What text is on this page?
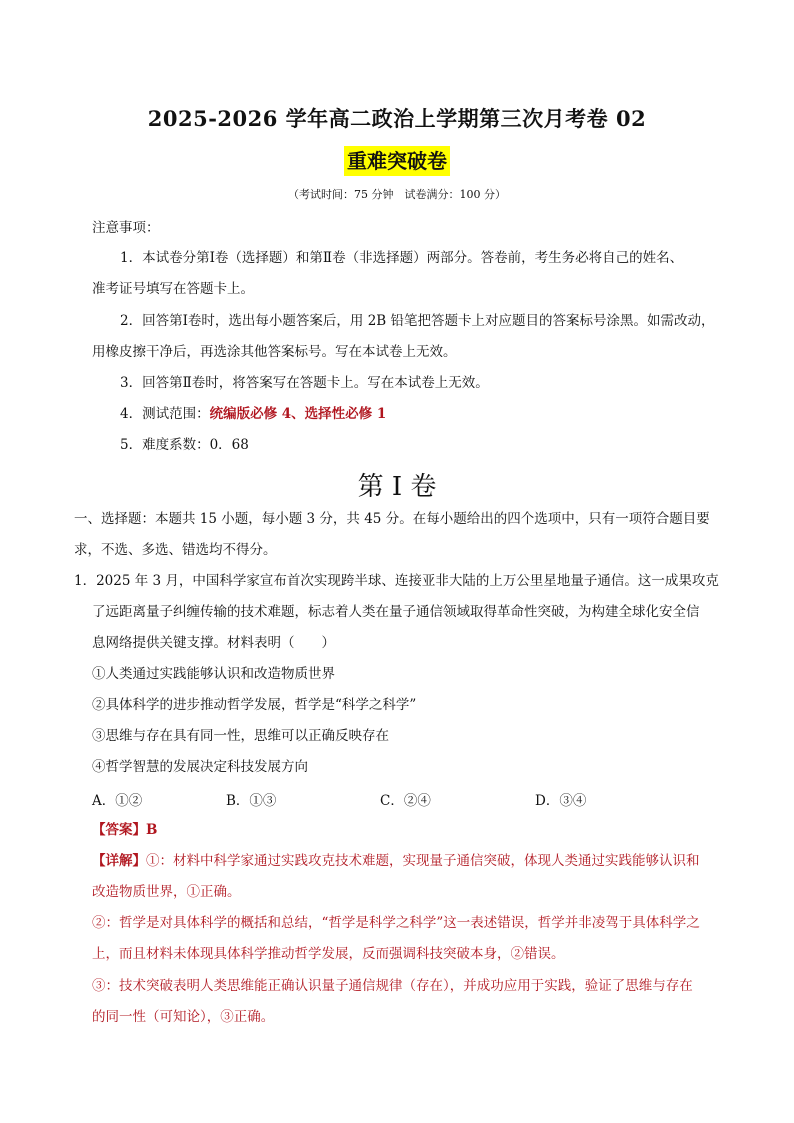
2025-2026 学年高二政治上学期第三次月考卷 02
重难突破卷
（考试时间：75 分钟　试卷满分：100 分）
注意事项：
1．本试卷分第Ⅰ卷（选择题）和第Ⅱ卷（非选择题）两部分。答卷前，考生务必将自己的姓名、
准考证号填写在答题卡上。
2．回答第Ⅰ卷时，选出每小题答案后，用 2B 铅笔把答题卡上对应题目的答案标号涂黑。如需改动，
用橡皮擦干净后，再选涂其他答案标号。写在本试卷上无效。
3．回答第Ⅱ卷时，将答案写在答题卡上。写在本试卷上无效。
4．测试范围：统编版必修 4、选择性必修 1
5．难度系数：0．68
第 I 卷
一、选择题：本题共 15 小题，每小题 3 分，共 45 分。在每小题给出的四个选项中，只有一项符合题目要
求，不选、多选、错选均不得分。
1．2025 年 3 月，中国科学家宣布首次实现跨半球、连接亚非大陆的上万公里星地量子通信。这一成果攻克
了远距离量子纠缠传输的技术难题，标志着人类在量子通信领域取得革命性突破，为构建全球化安全信
息网络提供关键支撑。材料表明（　　）
①人类通过实践能够认识和改造物质世界
②具体科学的进步推动哲学发展，哲学是“科学之科学”
③思维与存在具有同一性，思维可以正确反映存在
④哲学智慧的发展决定科技发展方向
A．①②	B．①③	C．②④	D．③④
【答案】B
【详解】①：材料中科学家通过实践攻克技术难题，实现量子通信突破，体现人类通过实践能够认识和
改造物质世界，①正确。
②：哲学是对具体科学的概括和总结，“哲学是科学之科学”这一表述错误，哲学并非凌驾于具体科学之
上，而且材料未体现具体科学推动哲学发展，反而强调科技突破本身，②错误。
③：技术突破表明人类思维能正确认识量子通信规律（存在），并成功应用于实践，验证了思维与存在
的同一性（可知论），③正确。
